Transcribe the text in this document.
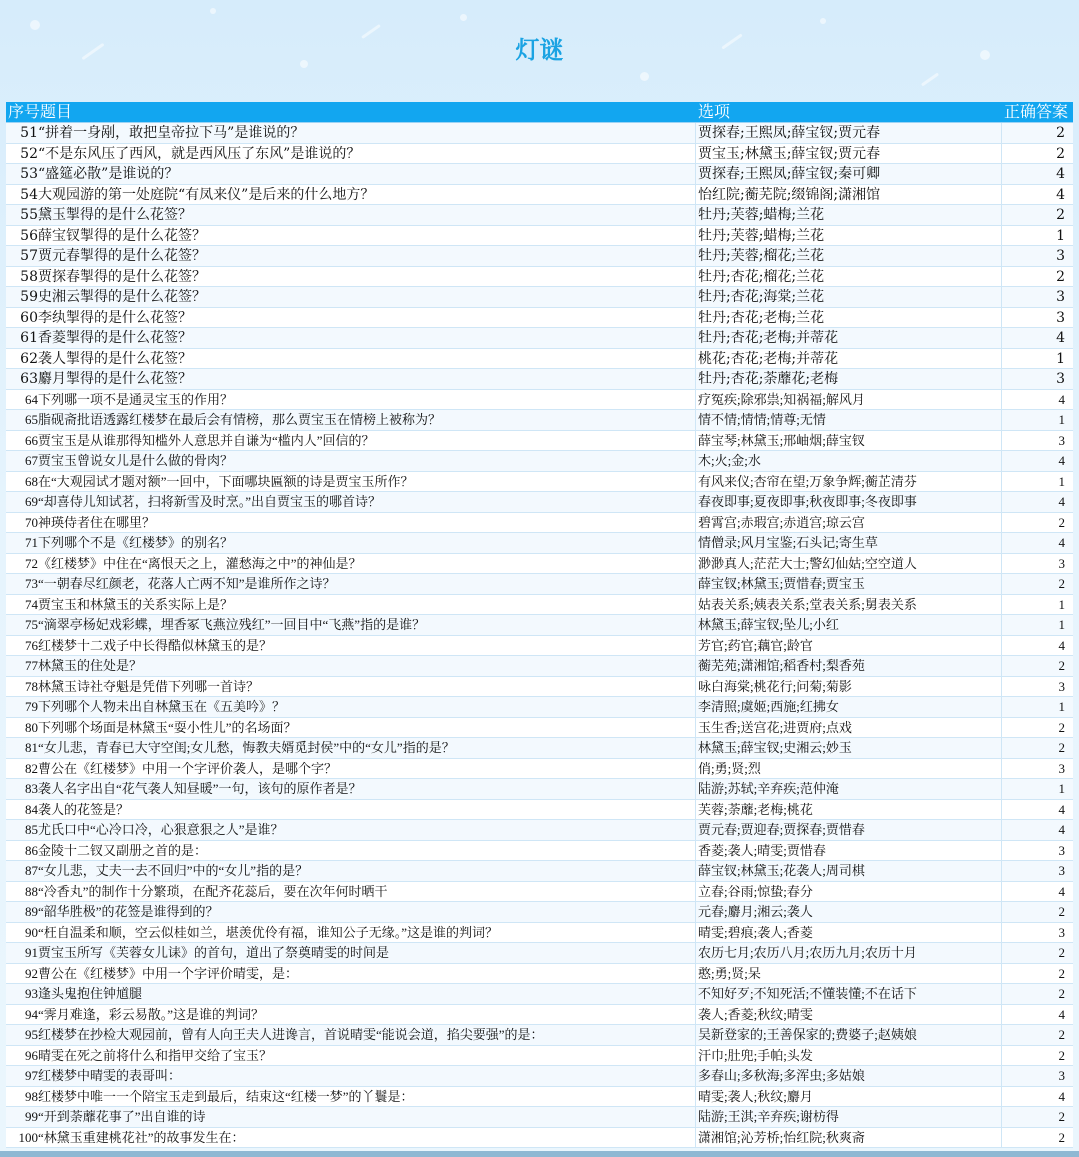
灯谜
序号题目	选项	正确答案
51“拼着一身剐，敢把皇帝拉下马”是谁说的？	贾探春;王熙凤;薛宝钗;贾元春	2
52“不是东风压了西风，就是西风压了东风”是谁说的？	贾宝玉;林黛玉;薛宝钗;贾元春	2
53“盛筵必散”是谁说的？	贾探春;王熙凤;薛宝钗;秦可卿	4
54大观园游的第一处庭院“有凤来仪”是后来的什么地方？	怡红院;蘅芜院;缀锦阁;潇湘馆	4
55黛玉掣得的是什么花签？	牡丹;芙蓉;蜡梅;兰花	2
56薛宝钗掣得的是什么花签？	牡丹;芙蓉;蜡梅;兰花	1
57贾元春掣得的是什么花签？	牡丹;芙蓉;榴花;兰花	3
58贾探春掣得的是什么花签？	牡丹;杏花;榴花;兰花	2
59史湘云掣得的是什么花签？	牡丹;杏花;海棠;兰花	3
60李纨掣得的是什么花签？	牡丹;杏花;老梅;兰花	3
61香菱掣得的是什么花签？	牡丹;杏花;老梅;并蒂花	4
62袭人掣得的是什么花签？	桃花;杏花;老梅;并蒂花	1
63麝月掣得的是什么花签？	牡丹;杏花;荼蘼花;老梅	3
64下列哪一项不是通灵宝玉的作用？	疗冤疾;除邪祟;知祸福;解风月	4
65脂砚斋批语透露红楼梦在最后会有情榜，那么贾宝玉在情榜上被称为？	情不情;情情;情尊;无情	1
66贾宝玉是从谁那得知槛外人意思并自谦为“槛内人”回信的？	薛宝琴;林黛玉;邢岫烟;薛宝钗	3
67贾宝玉曾说女儿是什么做的骨肉？	木;火;金;水	4
68在“大观园试才题对额”一回中，下面哪块匾额的诗是贾宝玉所作？	有风来仪;杏帘在望;万象争辉;蘅芷清芬	1
69“却喜侍儿知试茗，扫将新雪及时烹。”出自贾宝玉的哪首诗？	春夜即事;夏夜即事;秋夜即事;冬夜即事	4
70神瑛侍者住在哪里？	碧霄宫;赤瑕宫;赤逍宫;琼云宫	2
71下列哪个不是《红楼梦》的别名？	情僧录;风月宝鉴;石头记;寄生草	4
72《红楼梦》中住在“离恨天之上，灌愁海之中”的神仙是？	渺渺真人;茫茫大士;警幻仙姑;空空道人	3
73“一朝春尽红颜老，花落人亡两不知”是谁所作之诗？	薛宝钗;林黛玉;贾惜春;贾宝玉	2
74贾宝玉和林黛玉的关系实际上是？	姑表关系;姨表关系;堂表关系;舅表关系	1
75“滴翠亭杨妃戏彩蝶，埋香冢飞燕泣残红”一回目中“飞燕”指的是谁？	林黛玉;薛宝钗;坠儿;小红	1
76红楼梦十二戏子中长得酷似林黛玉的是？	芳官;药官;藕官;龄官	4
77林黛玉的住处是？	蘅芜苑;潇湘馆;稻香村;梨香苑	2
78林黛玉诗社夺魁是凭借下列哪一首诗？	咏白海棠;桃花行;问菊;菊影	3
79下列哪个人物未出自林黛玉在《五美吟》？	李清照;虞姬;西施;红拂女	1
80下列哪个场面是林黛玉“耍小性儿”的名场面？	玉生香;送宫花;进贾府;点戏	2
81“女儿悲，青春已大守空闺;女儿愁，悔教夫婿觅封侯”中的“女儿”指的是？	林黛玉;薛宝钗;史湘云;妙玉	2
82曹公在《红楼梦》中用一个字评价袭人，是哪个字？	俏;勇;贤;烈	3
83袭人名字出自“花气袭人知昼暖”一句，该句的原作者是？	陆游;苏轼;辛弃疾;范仲淹	1
84袭人的花签是？	芙蓉;荼蘼;老梅;桃花	4
85尤氏口中“心冷口冷，心狠意狠之人”是谁？	贾元春;贾迎春;贾探春;贾惜春	4
86金陵十二钗又副册之首的是：	香菱;袭人;晴雯;贾惜春	3
87“女儿悲，丈夫一去不回归”中的“女儿”指的是？	薛宝钗;林黛玉;花袭人;周司棋	3
88“冷香丸”的制作十分繁琐，在配齐花蕊后，要在次年何时晒干	立春;谷雨;惊蛰;春分	4
89“韶华胜极”的花签是谁得到的？	元春;麝月;湘云;袭人	2
90“枉自温柔和顺，空云似桂如兰，堪羡优伶有福，谁知公子无缘。”这是谁的判词？	晴雯;碧痕;袭人;香菱	3
91贾宝玉所写《芙蓉女儿诔》的首句，道出了祭奠晴雯的时间是	农历七月;农历八月;农历九月;农历十月	2
92曹公在《红楼梦》中用一个字评价晴雯，是：	憨;勇;贤;呆	2
93逢头鬼抱住钟馗腿	不知好歹;不知死活;不懂装懂;不在话下	2
94“霁月难逢，彩云易散。”这是谁的判词？	袭人;香菱;秋纹;晴雯	4
95红楼梦在抄检大观园前，曾有人向王夫人进谗言，首说晴雯“能说会道，掐尖要强”的是：	吴新登家的;王善保家的;费婆子;赵姨娘	2
96晴雯在死之前将什么和指甲交给了宝玉？	汗巾;肚兜;手帕;头发	2
97红楼梦中晴雯的表哥叫：	多春山;多秋海;多浑虫;多姑娘	3
98红楼梦中唯一一个陪宝玉走到最后，结束这“红楼一梦”的丫鬟是：	晴雯;袭人;秋纹;麝月	4
99“开到荼蘼花事了”出自谁的诗	陆游;王淇;辛弃疾;谢枋得	2
100“林黛玉重建桃花社”的故事发生在：	潇湘馆;沁芳桥;怡红院;秋爽斋	2
